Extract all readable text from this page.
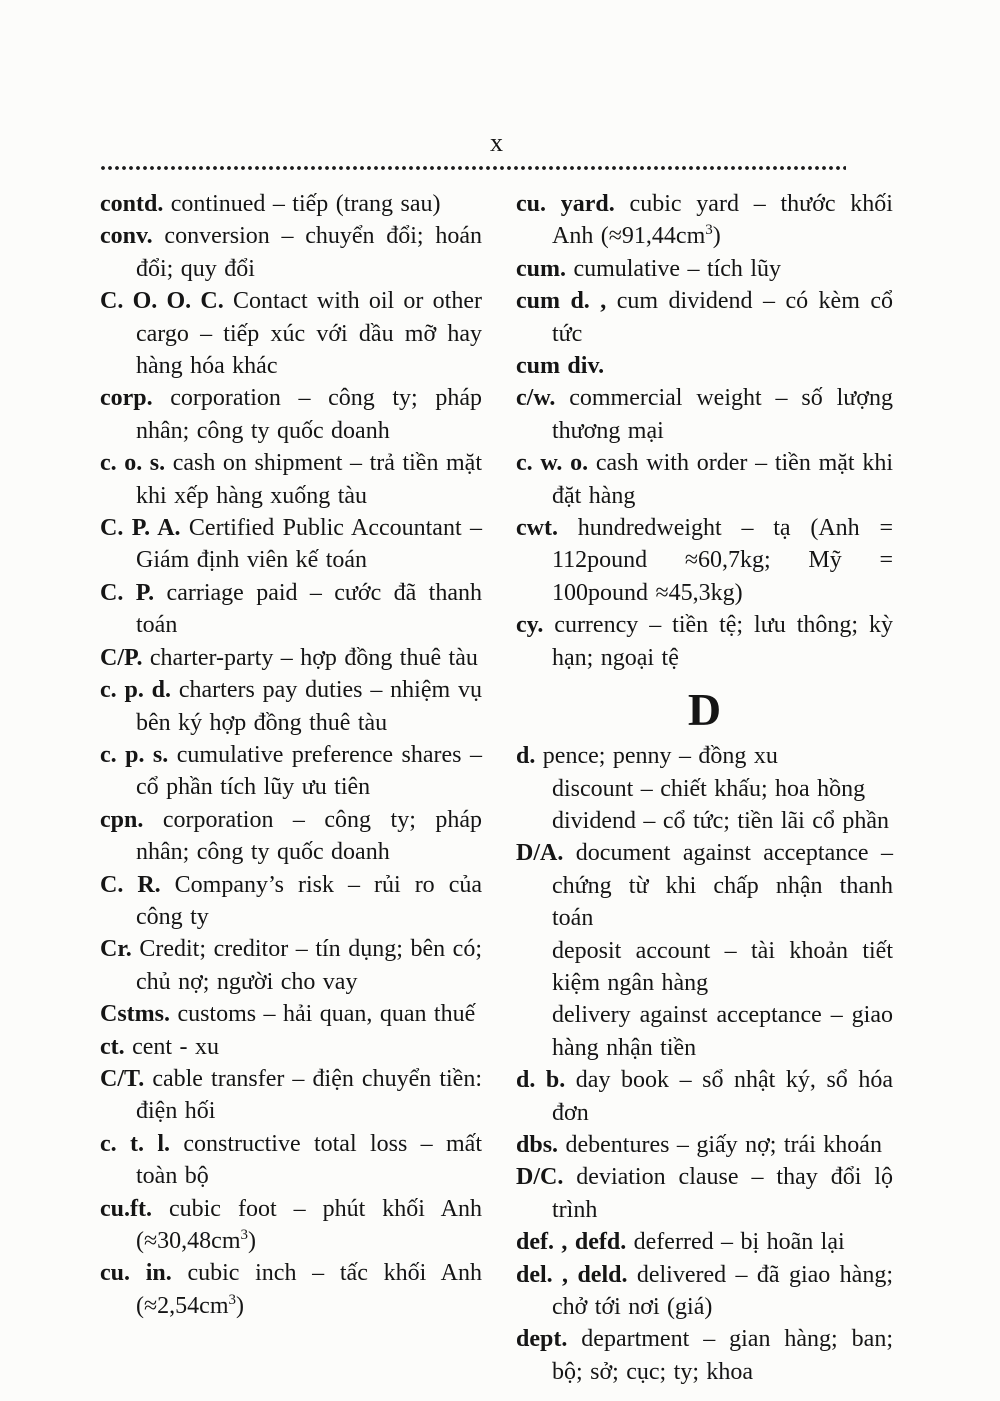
x

contd. continued – tiếp (trang sau)

conv. conversion – chuyển đổi; hoán đổi; quy đổi

C. O. O. C. Contact with oil or other cargo – tiếp xúc với dầu mỡ hay hàng hóa khác

corp. corporation – công ty; pháp nhân; công ty quốc doanh

c. o. s. cash on shipment – trả tiền mặt khi xếp hàng xuống tàu

C. P. A. Certified Public Accountant – Giám định viên kế toán

C. P. carriage paid – cước đã thanh toán

C/P. charter-party – hợp đồng thuê tàu

c. p. d. charters pay duties – nhiệm vụ bên ký hợp đồng thuê tàu

c. p. s. cumulative preference shares – cổ phần tích lũy ưu tiên

cpn. corporation – công ty; pháp nhân; công ty quốc doanh

C. R. Company’s risk – rủi ro của công ty

Cr. Credit; creditor – tín dụng; bên có; chủ nợ; người cho vay

Cstms. customs – hải quan, quan thuế

ct. cent - xu

C/T. cable transfer – điện chuyển tiền: điện hối

c. t. l. constructive total loss – mất toàn bộ

cu.ft. cubic foot – phút khối Anh $(\approx 30,48cm^3)$

cu. in. cubic inch – tấc khối Anh $(\approx 2,54cm^3)$

cu. yard. cubic yard – thước khối Anh $(\approx 91,44cm^3)$

cum. cumulative – tích lũy

cum d. , cum dividend – có kèm cổ tức

cum div.

c/w. commercial weight – số lượng thương mại

c. w. o. cash with order – tiền mặt khi đặt hàng

cwt. hundredweight – tạ (Anh = 112pound ≈60,7kg; Mỹ = 100pound ≈45,3kg)

cy. currency – tiền tệ; lưu thông; kỳ hạn; ngoại tệ

D

d. pence; penny – đồng xu
discount – chiết khấu; hoa hồng
dividend – cổ tức; tiền lãi cổ phần

D/A. document against acceptance – chứng từ khi chấp nhận thanh toán
deposit account – tài khoản tiết kiệm ngân hàng
delivery against acceptance – giao hàng nhận tiền

d. b. day book – sổ nhật ký, sổ hóa đơn

dbs. debentures – giấy nợ; trái khoán

D/C. deviation clause – thay đổi lộ trình

def. , defd. deferred – bị hoãn lại

del. , deld. delivered – đã giao hàng; chở tới nơi (giá)

dept. department – gian hàng; ban; bộ; sở; cục; ty; khoa
